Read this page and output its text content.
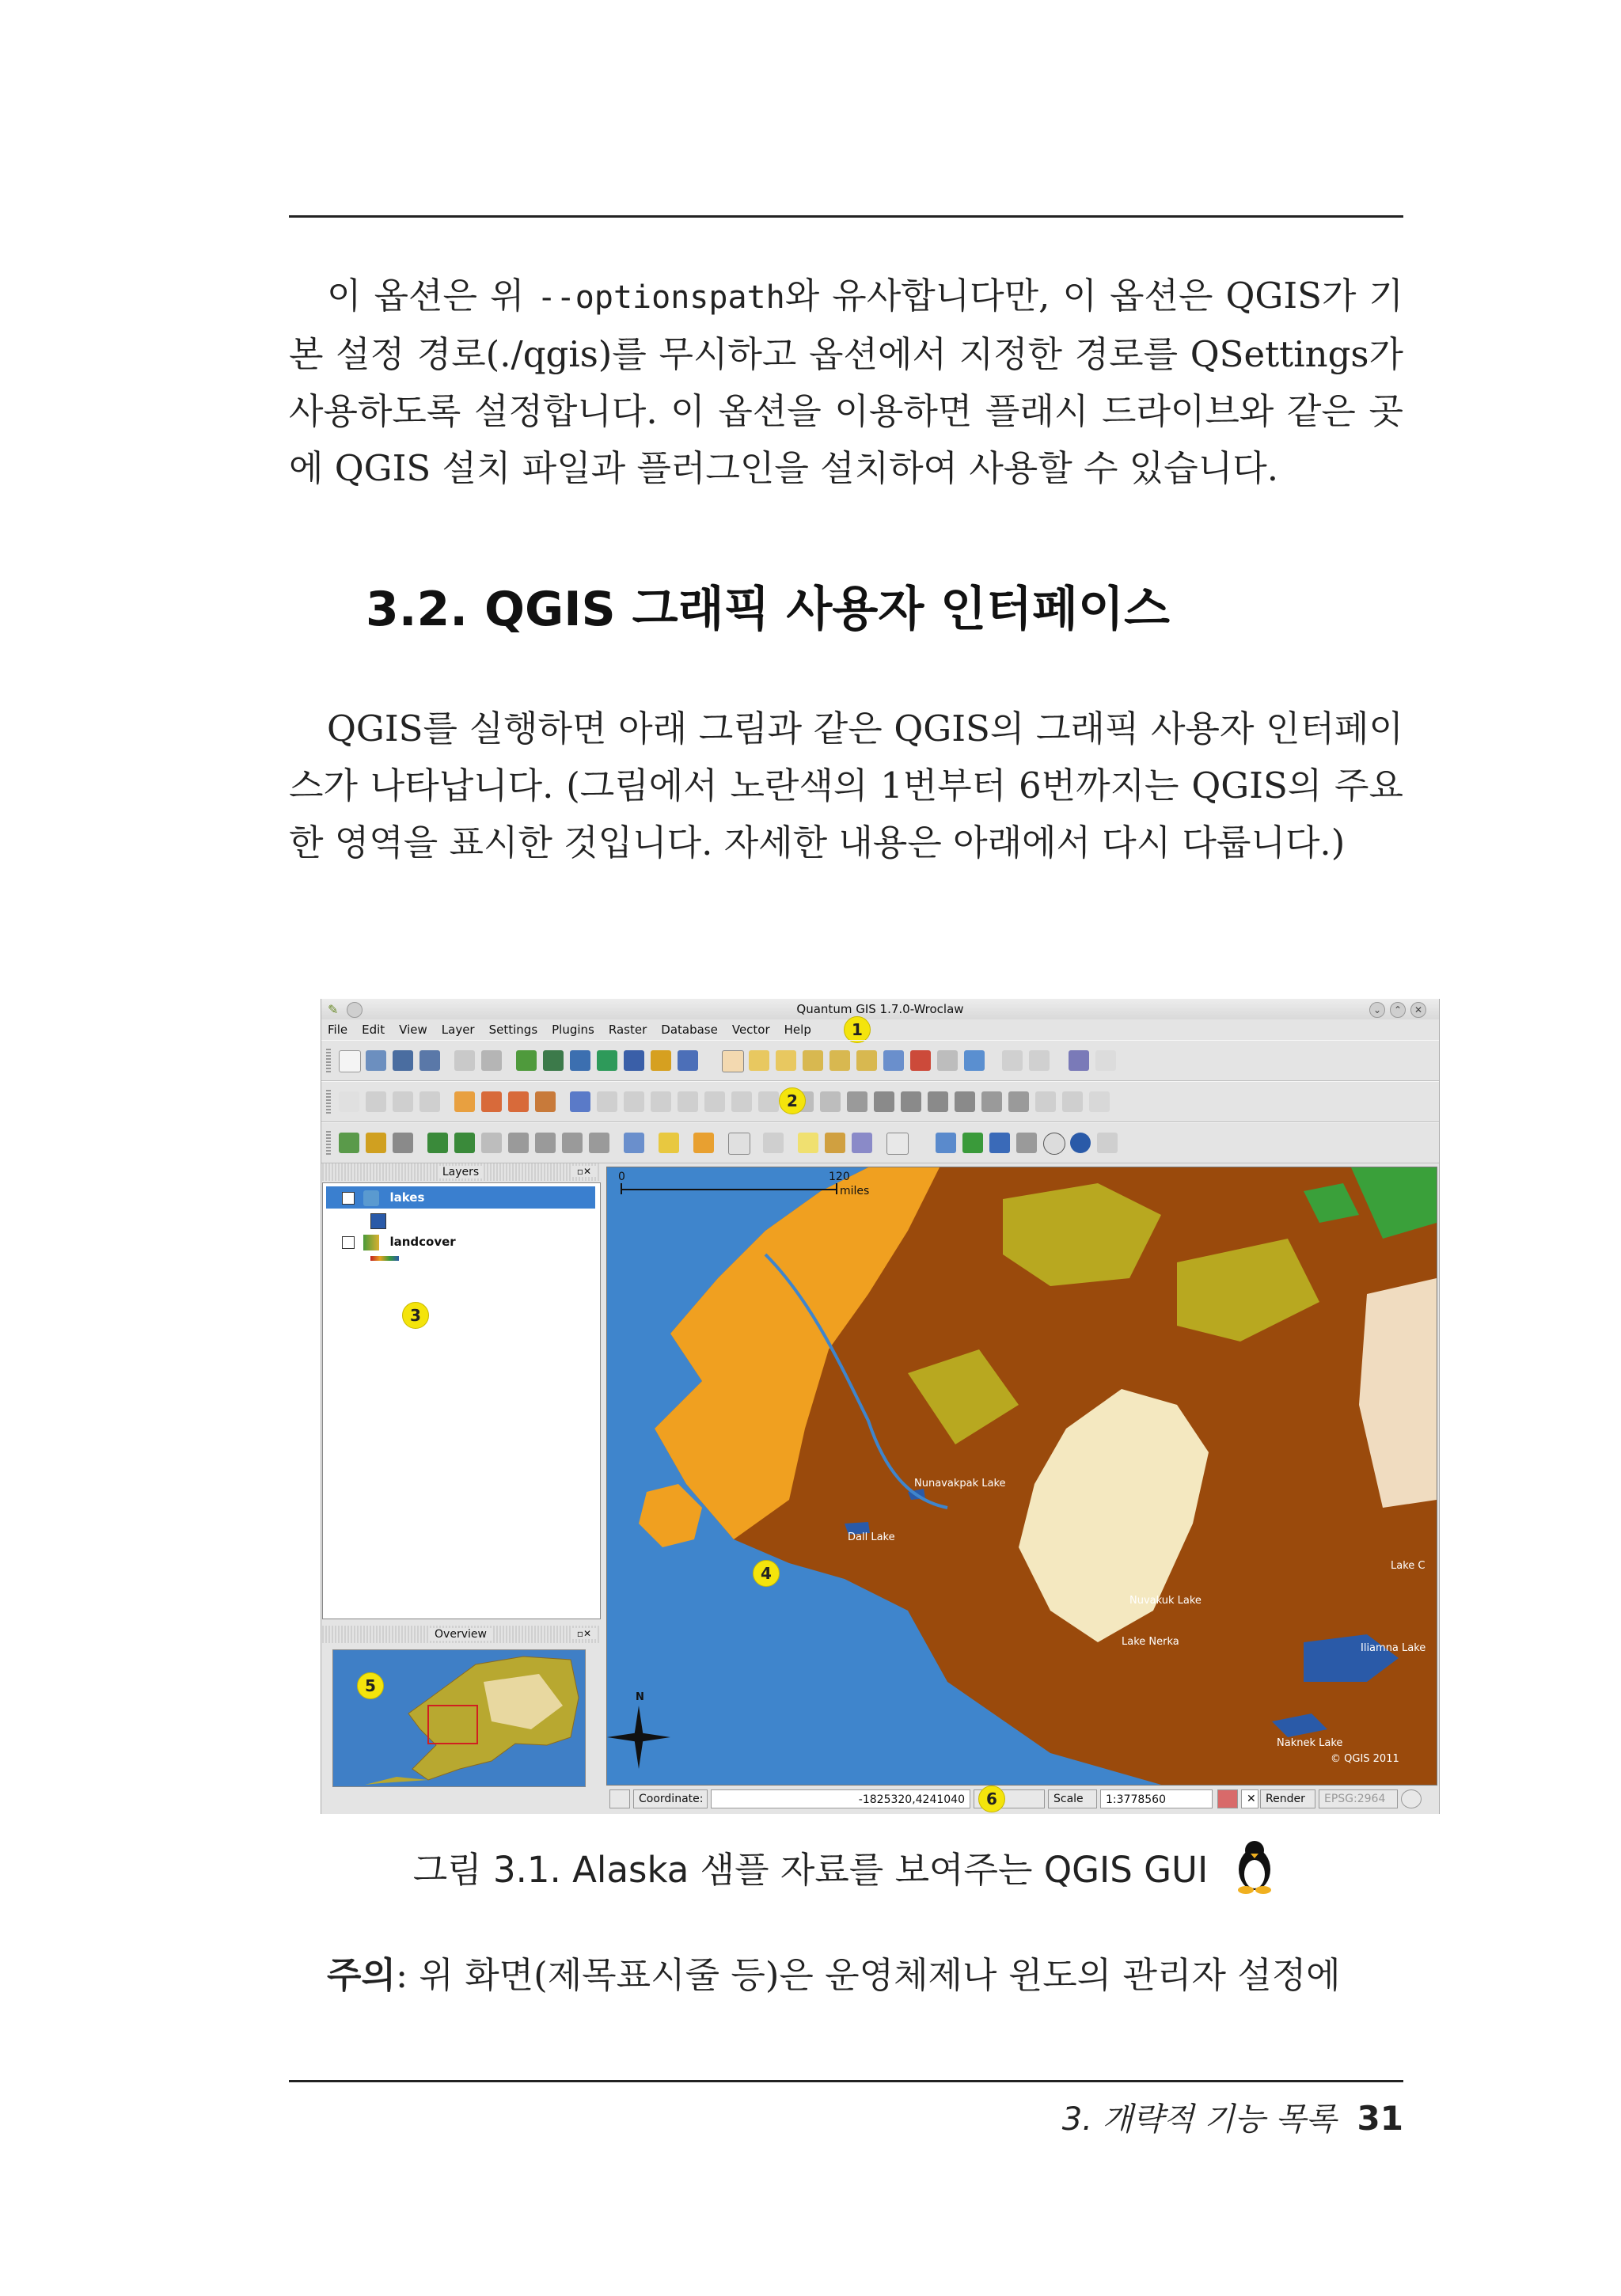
이 옵션은 위 --optionspath와 유사합니다만, 이 옵션은 QGIS가 기본 설정 경로(./qgis)를 무시하고 옵션에서 지정한 경로를 QSettings가 사용하도록 설정합니다. 이 옵션을 이용하면 플래시 드라이브와 같은 곳에 QGIS 설치 파일과 플러그인을 설치하여 사용할 수 있습니다.

3.2. QGIS 그래픽 사용자 인터페이스

QGIS를 실행하면 아래 그림과 같은 QGIS의 그래픽 사용자 인터페이스가 나타납니다. (그림에서 노란색의 1번부터 6번까지는 QGIS의 주요한 영역을 표시한 것입니다. 자세한 내용은 아래에서 다시 다룹니다.)

✎	Quantum GIS 1.7.0-Wroclaw	⌄	⌃	✕
File Edit View Layer Settings Plugins Raster Database Vector Help	1
2
Layers	▫✕
lakes
landcover
3
Overview	▫✕
5
0	120
miles
N
Nunavakpak Lake
Dall Lake
Nuvakuk Lake
Lake Nerka
Iliamna Lake
Naknek Lake
Lake C
© QGIS 2011
4
Coordinate:	-1825320,4241040	Scale	1:3778560	✕ Render	EPSG:2964
6

그림 3.1. Alaska 샘플 자료를 보여주는 QGIS GUI

주의: 위 화면(제목표시줄 등)은 운영체제나 윈도의 관리자 설정에

3. 개략적 기능 목록 31
